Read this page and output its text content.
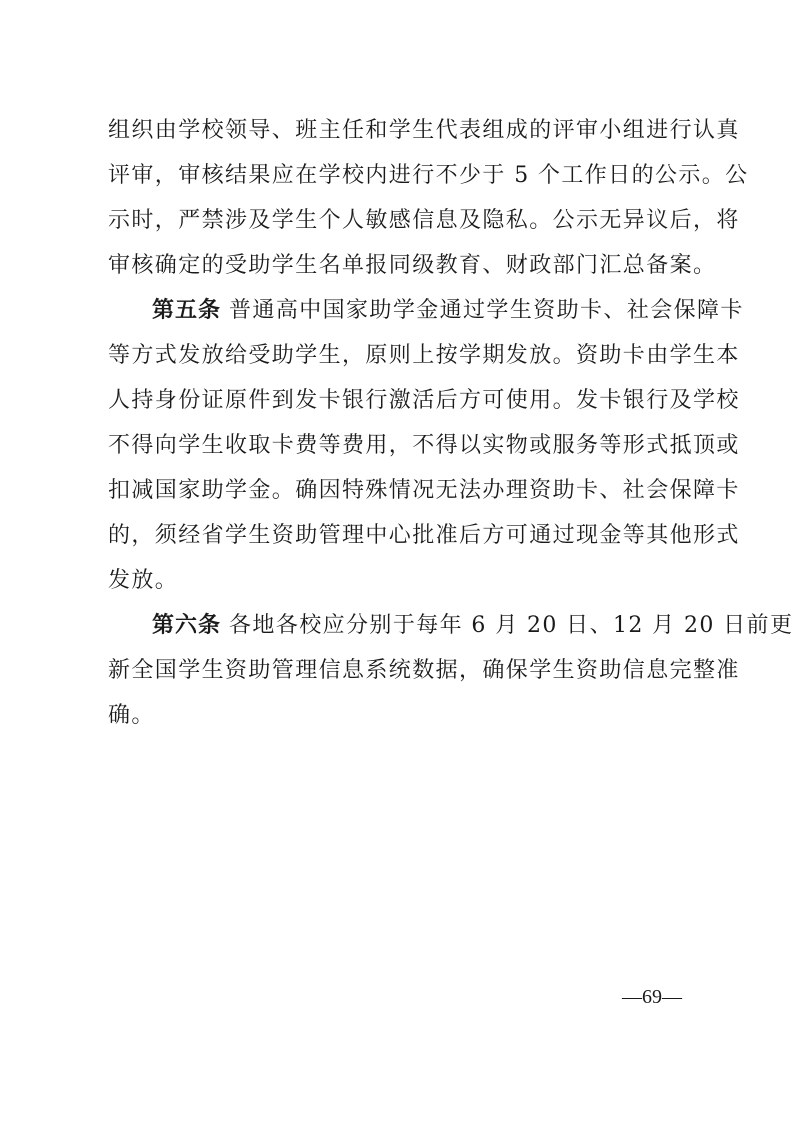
组织由学校领导、班主任和学生代表组成的评审小组进行认真
评审，审核结果应在学校内进行不少于 5 个工作日的公示。公
示时，严禁涉及学生个人敏感信息及隐私。公示无异议后，将
审核确定的受助学生名单报同级教育、财政部门汇总备案。
第五条 普通高中国家助学金通过学生资助卡、社会保障卡
等方式发放给受助学生，原则上按学期发放。资助卡由学生本
人持身份证原件到发卡银行激活后方可使用。发卡银行及学校
不得向学生收取卡费等费用，不得以实物或服务等形式抵顶或
扣减国家助学金。确因特殊情况无法办理资助卡、社会保障卡
的，须经省学生资助管理中心批准后方可通过现金等其他形式
发放。
第六条 各地各校应分别于每年 6 月 20 日、12 月 20 日前更
新全国学生资助管理信息系统数据，确保学生资助信息完整准
确。
—69—
